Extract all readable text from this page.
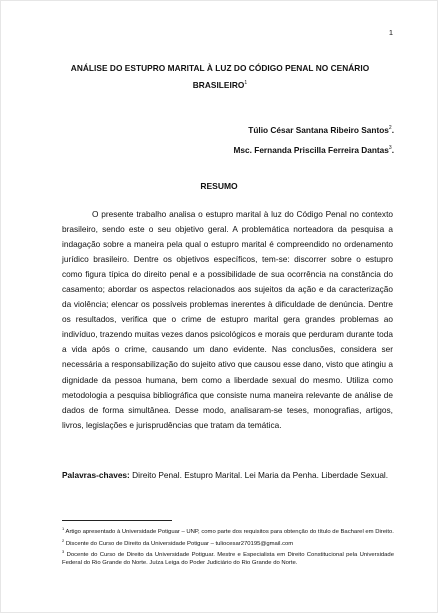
1
ANÁLISE DO ESTUPRO MARITAL À LUZ DO CÓDIGO PENAL NO CENÁRIO
BRASILEIRO$^1$
Túlio César Santana Ribeiro Santos$^2$.
Msc. Fernanda Priscilla Ferreira Dantas$^3$.
RESUMO

O presente trabalho analisa o estupro marital à luz do Código Penal no contexto brasileiro, sendo este o seu objetivo geral. A problemática norteadora da pesquisa a indagação sobre a maneira pela qual o estupro marital é compreendido no ordenamento jurídico brasileiro. Dentre os objetivos específicos, tem-se: discorrer sobre o estupro como figura típica do direito penal e a possibilidade de sua ocorrência na constância do casamento; abordar os aspectos relacionados aos sujeitos da ação e da caracterização da violência; elencar os possíveis problemas inerentes à dificuldade de denúncia. Dentre os resultados, verifica que o crime de estupro marital gera grandes problemas ao indivíduo, trazendo muitas vezes danos psicológicos e morais que perduram durante toda a vida após o crime, causando um dano evidente. Nas conclusões, considera ser necessária a responsabilização do sujeito ativo que causou esse dano, visto que atingiu a dignidade da pessoa humana, bem como a liberdade sexual do mesmo. Utiliza como metodologia a pesquisa bibliográfica que consiste numa maneira relevante de análise de dados de forma simultânea. Desse modo, analisaram-se teses, monografias, artigos, livros, legislações e jurisprudências que tratam da temática.

Palavras-chaves: Direito Penal. Estupro Marital. Lei Maria da Penha. Liberdade Sexual.

$^1$ Artigo apresentado à Universidade Potiguar – UNP, como parte dos requisitos para obtenção do título de Bacharel em Direito.

$^2$ Discente do Curso de Direito da Universidade Potiguar – tuliocesar270195@gmail.com

$^3$ Docente do Curso de Direito da Universidade Potiguar. Mestre e Especialista em Direito Constitucional pela Universidade Federal do Rio Grande do Norte. Juíza Leiga do Poder Judiciário do Rio Grande do Norte.
